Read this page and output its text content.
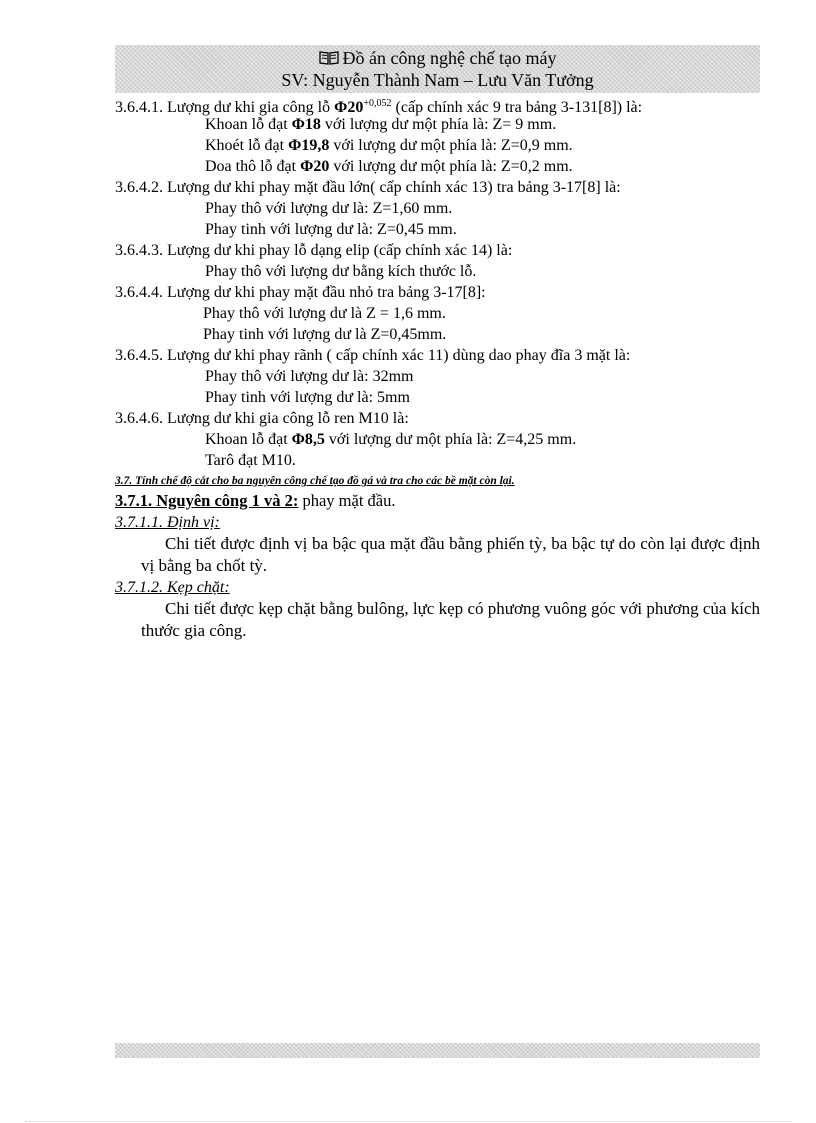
Đồ án công nghệ chế tạo máy
SV: Nguyễn Thành Nam – Lưu Văn Tưởng
3.6.4.1. Lượng dư khi gia công lỗ $\Phi 20^{+0,052}$ (cấp chính xác 9 tra bảng 3-131[8]) là:
Khoan lỗ đạt Φ18 với lượng dư một phía là: Z= 9 mm.
Khoét lỗ đạt Φ19,8 với lượng dư một phía là: Z=0,9 mm.
Doa thô lỗ đạt Φ20 với lượng dư một phía là: Z=0,2 mm.
3.6.4.2. Lượng dư khi phay mặt đầu lớn( cấp chính xác 13) tra bảng 3-17[8] là:
Phay thô với lượng dư là: Z=1,60 mm.
Phay tinh với lượng dư là: Z=0,45 mm.
3.6.4.3. Lượng dư khi phay lỗ dạng elip (cấp chính xác 14) là:
Phay thô với lượng dư bằng kích thước lỗ.
3.6.4.4. Lượng dư khi phay mặt đầu nhỏ tra bảng 3-17[8]:
Phay thô với lượng dư là Z = 1,6 mm.
Phay tinh với lượng dư là Z=0,45mm.
3.6.4.5. Lượng dư khi phay rãnh ( cấp chính xác 11) dùng dao phay đĩa 3 mặt là:
Phay thô với lượng dư là: 32mm
Phay tinh với lượng dư là: 5mm
3.6.4.6. Lượng dư khi gia công lỗ ren M10 là:
Khoan lỗ đạt Φ8,5 với lượng dư một phía là: Z=4,25 mm.
Tarô đạt M10.
3.7. Tính chế độ cắt cho ba nguyên công chế tạo đồ gá và tra cho các bề mặt còn lại.
3.7.1. Nguyên công 1 và 2: phay mặt đầu.
3.7.1.1. Định vị:

Chi tiết được định vị ba bậc qua mặt đầu bằng phiến tỳ, ba bậc tự do còn lại được định vị bằng ba chốt tỳ.

3.7.1.2. Kẹp chặt:

Chi tiết được kẹp chặt bằng bulông, lực kẹp có phương vuông góc với phương của kích thước gia công.
